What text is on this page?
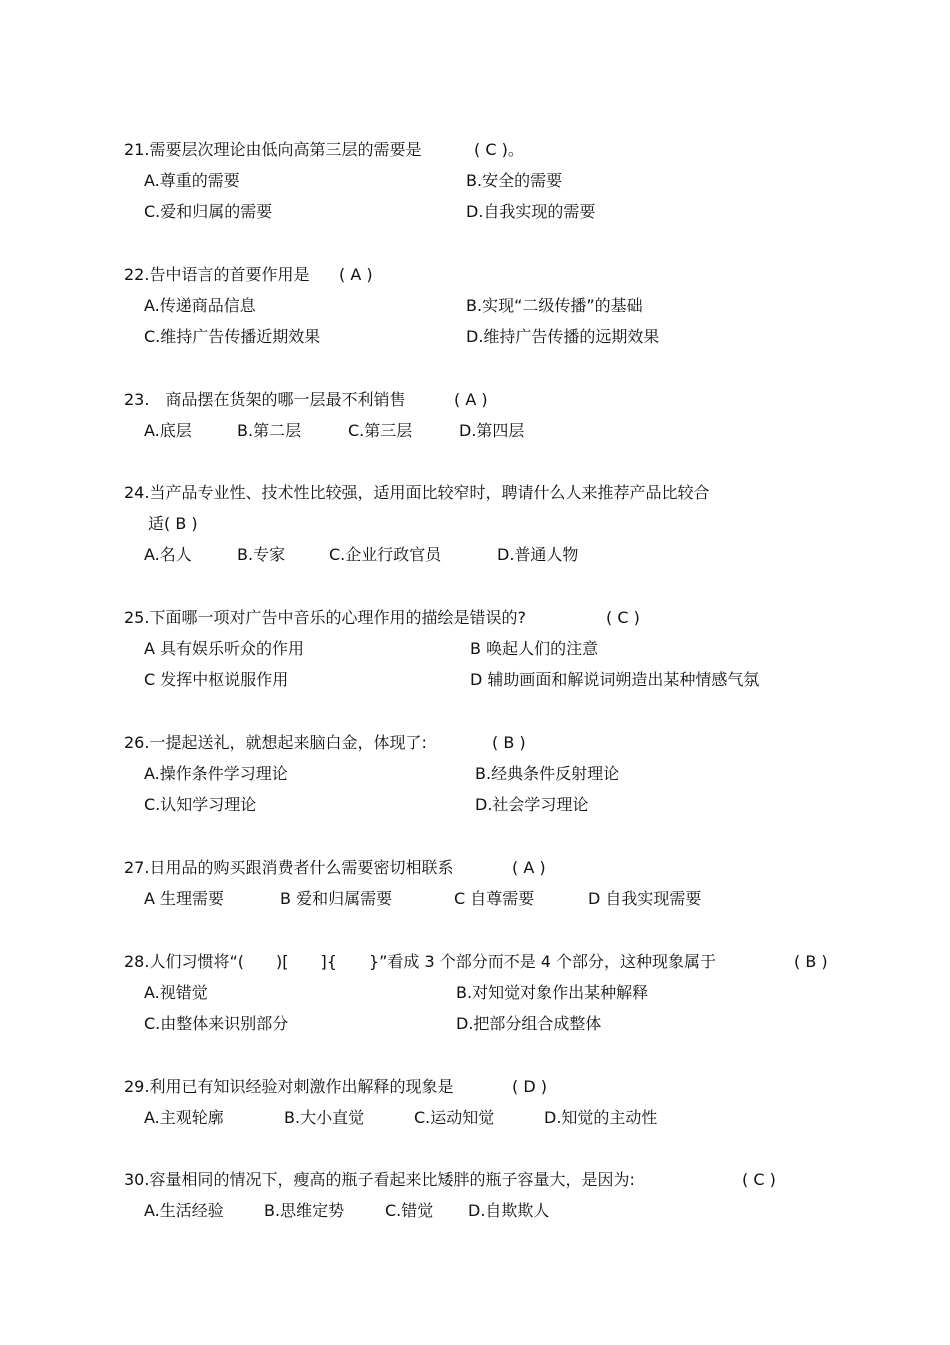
21.需要层次理论由低向高第三层的需要是	( C )。
A.尊重的需要	B.安全的需要
C.爱和归属的需要	D.自我实现的需要
22.告中语言的首要作用是 ( A )
A.传递商品信息	B.实现“二级传播”的基础
C.维持广告传播近期效果	D.维持广告传播的远期效果
23.　商品摆在货架的哪一层最不利销售	( A )
A.底层	B.第二层	C.第三层	D.第四层
24.当产品专业性、技术性比较强，适用面比较窄时，聘请什么人来推荐产品比较合
适( B )
A.名人	B.专家	C.企业行政官员	D.普通人物
25.下面哪一项对广告中音乐的心理作用的描绘是错误的?	( C )
A 具有娱乐听众的作用	B 唤起人们的注意
C 发挥中枢说服作用	D 辅助画面和解说词朔造出某种情感气氛
26.一提起送礼，就想起来脑白金，体现了:	( B )
A.操作条件学习理论	B.经典条件反射理论
C.认知学习理论	D.社会学习理论
27.日用品的购买跟消费者什么需要密切相联系	( A )
A 生理需要	B 爱和归属需要	C 自尊需要	D 自我实现需要
28.人们习惯将“(　　)[　　]{　　}”看成 3 个部分而不是 4 个部分，这种现象属于	( B )
A.视错觉	B.对知觉对象作出某种解释
C.由整体来识别部分	D.把部分组合成整体
29.利用已有知识经验对刺激作出解释的现象是	( D )
A.主观轮廓	B.大小直觉	C.运动知觉	D.知觉的主动性
30.容量相同的情况下，瘦高的瓶子看起来比矮胖的瓶子容量大，是因为:	( C )
A.生活经验	B.思维定势	C.错觉 D.自欺欺人
